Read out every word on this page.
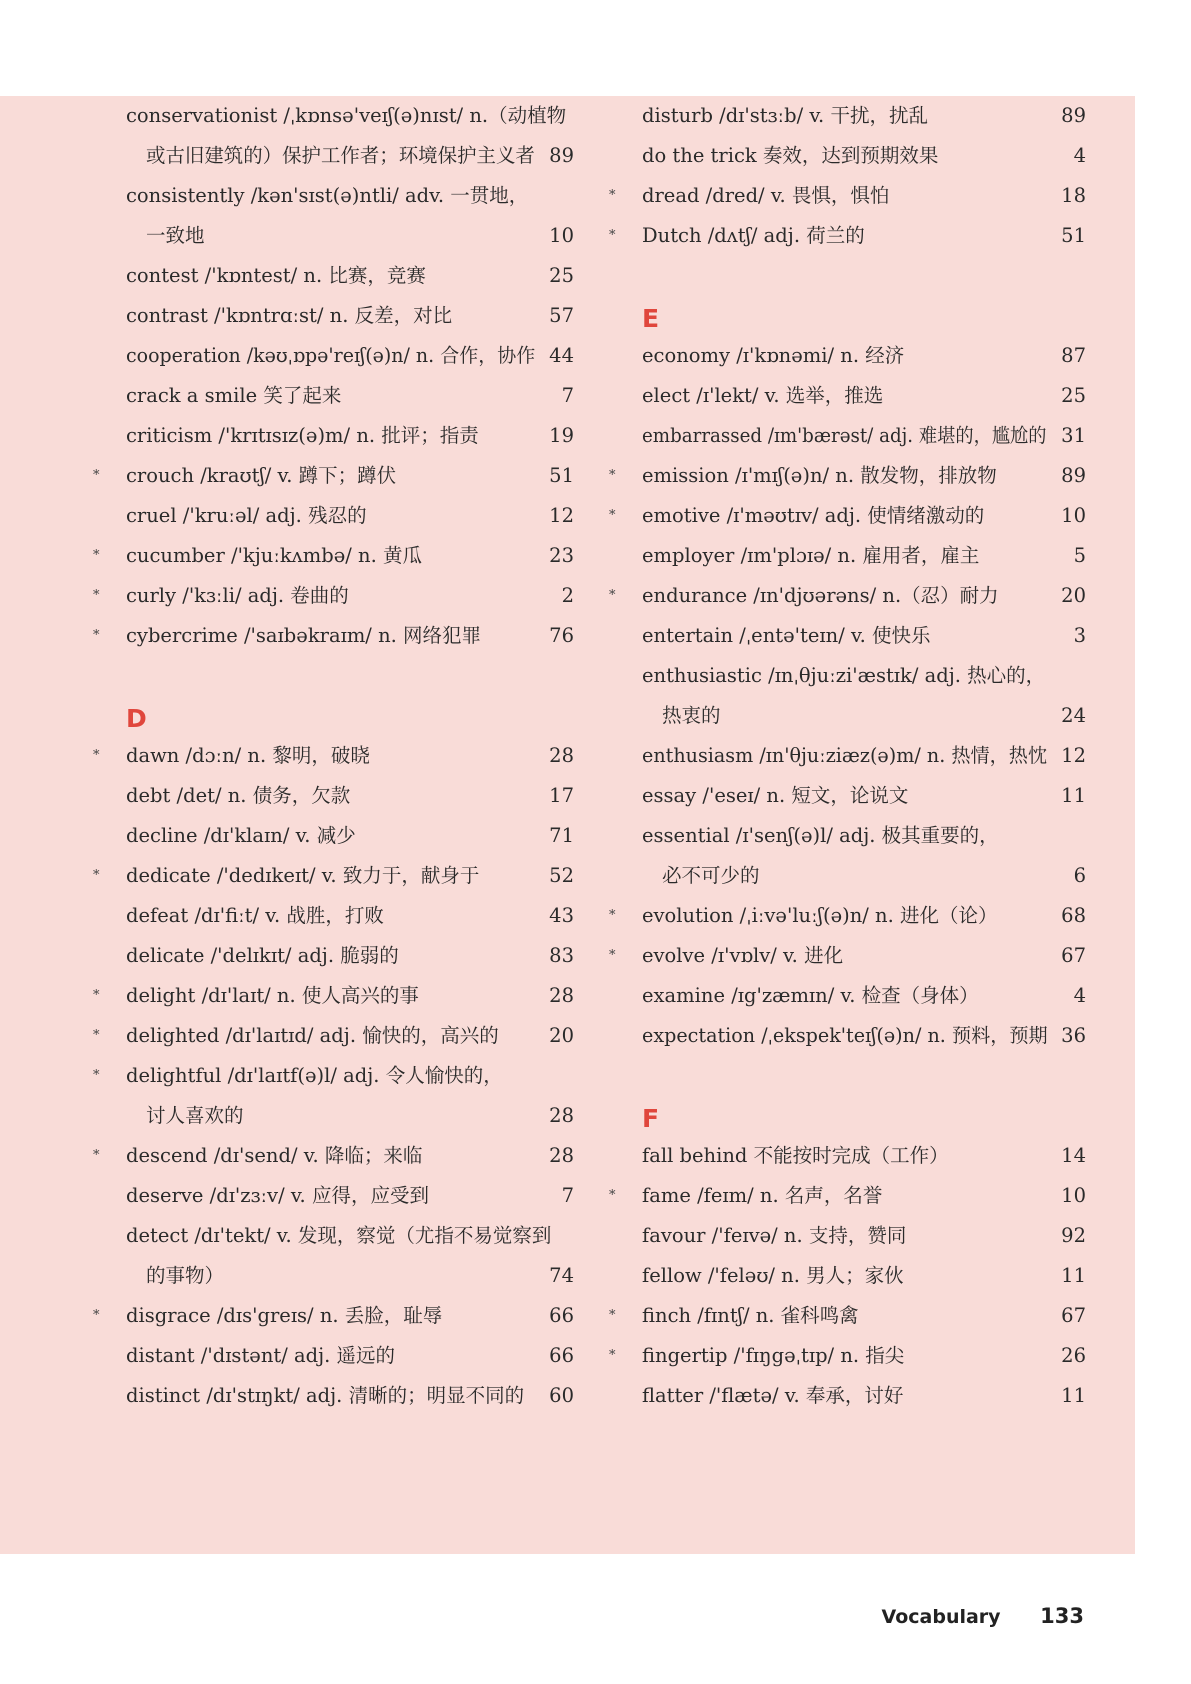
conservationist /ˌkɒnsə'veɪʃ(ə)nɪst/ n.（动植物
或古旧建筑的）保护工作者；环境保护主义者 89
consistently /kən'sɪst(ə)ntli/ adv. 一贯地，
一致地	10
contest /'kɒntest/ n. 比赛，竞赛	25
contrast /'kɒntrɑːst/ n. 反差，对比	57
cooperation /kəʊˌɒpə'reɪʃ(ə)n/ n. 合作，协作 44
crack a smile 笑了起来	7
criticism /'krɪtɪsɪz(ə)m/ n. 批评；指责	19
* crouch /kraʊtʃ/ v. 蹲下；蹲伏	51
cruel /'kruːəl/ adj. 残忍的	12
* cucumber /'kjuːkʌmbə/ n. 黄瓜	23
* curly /'kɜːli/ adj. 卷曲的	2
* cybercrime /'saɪbəkraɪm/ n. 网络犯罪	76
D
* dawn /dɔːn/ n. 黎明，破晓	28
debt /det/ n. 债务，欠款	17
decline /dɪ'klaɪn/ v. 减少	71
* dedicate /'dedɪkeɪt/ v. 致力于，献身于	52
defeat /dɪ'fiːt/ v. 战胜，打败	43
delicate /'delɪkɪt/ adj. 脆弱的	83
* delight /dɪ'laɪt/ n. 使人高兴的事	28
* delighted /dɪ'laɪtɪd/ adj. 愉快的，高兴的	20
* delightful /dɪ'laɪtf(ə)l/ adj. 令人愉快的，
讨人喜欢的	28
* descend /dɪ'send/ v. 降临；来临	28
deserve /dɪ'zɜːv/ v. 应得，应受到	7
detect /dɪ'tekt/ v. 发现，察觉（尤指不易觉察到
的事物）	74
* disgrace /dɪs'greɪs/ n. 丢脸，耻辱	66
distant /'dɪstənt/ adj. 遥远的	66
distinct /dɪ'stɪŋkt/ adj. 清晰的；明显不同的 60
disturb /dɪ'stɜːb/ v. 干扰，扰乱	89
do the trick 奏效，达到预期效果	4
* dread /dred/ v. 畏惧，惧怕	18
* Dutch /dʌtʃ/ adj. 荷兰的	51
E
economy /ɪ'kɒnəmi/ n. 经济	87
elect /ɪ'lekt/ v. 选举，推选	25
embarrassed /ɪm'bærəst/ adj. 难堪的，尴尬的 31
* emission /ɪ'mɪʃ(ə)n/ n. 散发物，排放物	89
* emotive /ɪ'məʊtɪv/ adj. 使情绪激动的	10
employer /ɪm'plɔɪə/ n. 雇用者，雇主	5
* endurance /ɪn'djʊərəns/ n.（忍）耐力	20
entertain /ˌentə'teɪn/ v. 使快乐	3
enthusiastic /ɪnˌθjuːzi'æstɪk/ adj. 热心的，
热衷的	24
enthusiasm /ɪn'θjuːziæz(ə)m/ n. 热情，热忱 12
essay /'eseɪ/ n. 短文，论说文	11
essential /ɪ'senʃ(ə)l/ adj. 极其重要的，
必不可少的	6
* evolution /ˌiːvə'luːʃ(ə)n/ n. 进化（论）	68
* evolve /ɪ'vɒlv/ v. 进化	67
examine /ɪg'zæmɪn/ v. 检查（身体）	4
expectation /ˌekspek'teɪʃ(ə)n/ n. 预料，预期 36
F
fall behind 不能按时完成（工作）	14
* fame /feɪm/ n. 名声，名誉	10
favour /'feɪvə/ n. 支持，赞同	92
fellow /'feləʊ/ n. 男人；家伙	11
* finch /fɪntʃ/ n. 雀科鸣禽	67
* fingertip /'fɪŋgəˌtɪp/ n. 指尖	26
flatter /'flætə/ v. 奉承，讨好	11
Vocabulary 133
